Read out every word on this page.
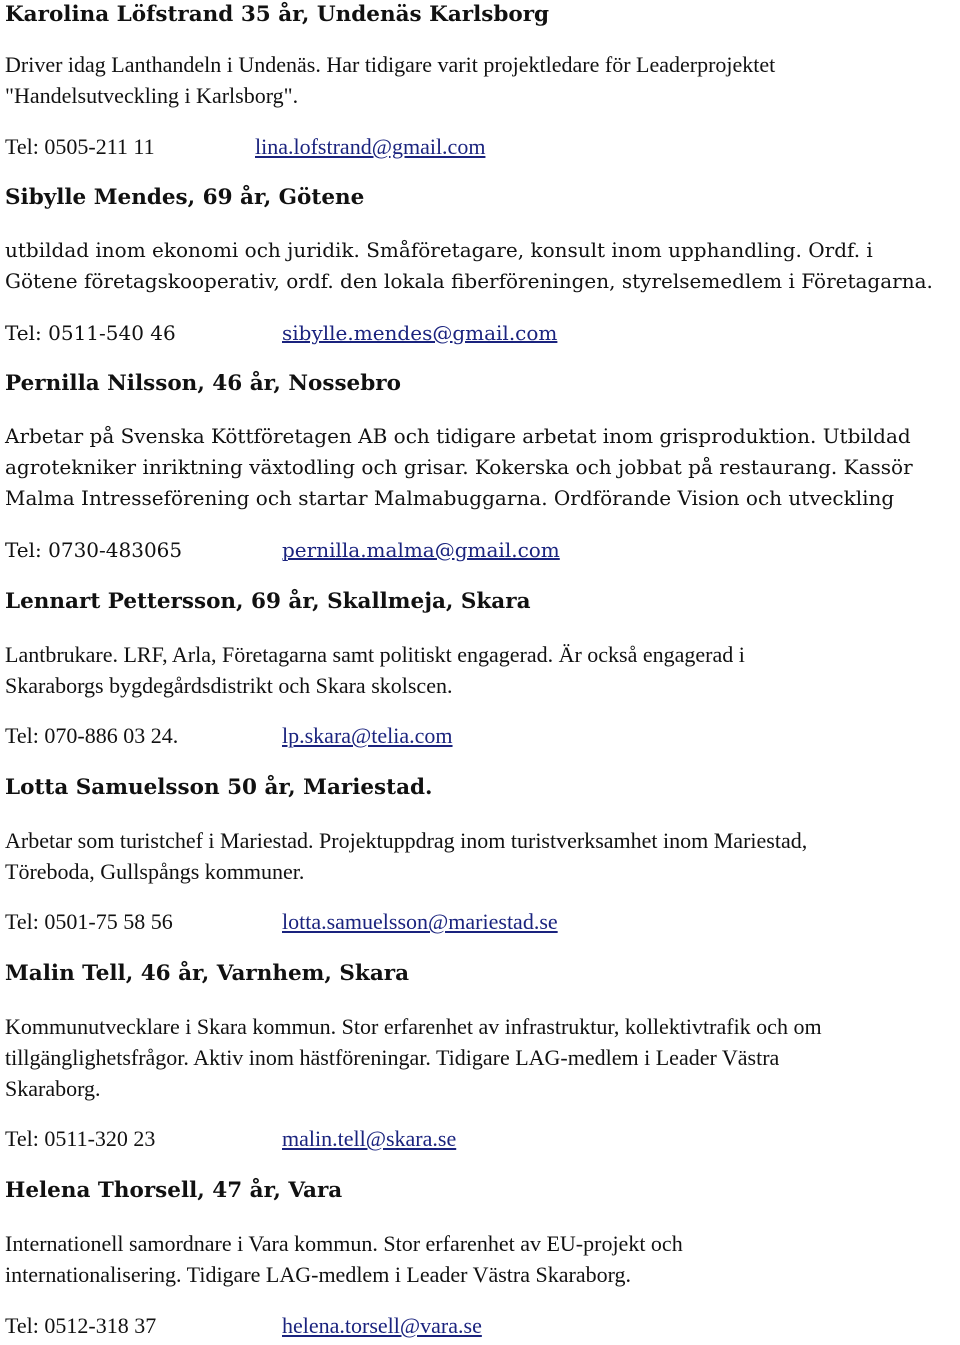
Karolina Löfstrand 35 år, Undenäs Karlsborg
Driver idag Lanthandeln i Undenäs. Har tidigare varit projektledare för Leaderprojektet
"Handelsutveckling i Karlsborg".
Tel: 0505-211 11	lina.lofstrand@gmail.com
Sibylle Mendes, 69 år, Götene
utbildad inom ekonomi och juridik. Småföretagare, konsult inom upphandling. Ordf. i
Götene företagskooperativ, ordf. den lokala fiberföreningen, styrelsemedlem i Företagarna.
Tel: 0511-540 46	sibylle.mendes@gmail.com
Pernilla Nilsson, 46 år, Nossebro
Arbetar på Svenska Köttföretagen AB och tidigare arbetat inom grisproduktion. Utbildad
agrotekniker inriktning växtodling och grisar. Kokerska och jobbat på restaurang. Kassör
Malma Intresseförening och startar Malmabuggarna. Ordförande Vision och utveckling
Tel: 0730-483065	pernilla.malma@gmail.com
Lennart Pettersson, 69 år, Skallmeja, Skara
Lantbrukare. LRF, Arla, Företagarna samt politiskt engagerad. Är också engagerad i
Skaraborgs bygdegårdsdistrikt och Skara skolscen.
Tel: 070-886 03 24.	lp.skara@telia.com
Lotta Samuelsson 50 år, Mariestad.
Arbetar som turistchef i Mariestad. Projektuppdrag inom turistverksamhet inom Mariestad,
Töreboda, Gullspångs kommuner.
Tel: 0501-75 58 56	lotta.samuelsson@mariestad.se
Malin Tell, 46 år, Varnhem, Skara
Kommunutvecklare i Skara kommun. Stor erfarenhet av infrastruktur, kollektivtrafik och om
tillgänglighetsfrågor. Aktiv inom hästföreningar. Tidigare LAG-medlem i Leader Västra
Skaraborg.
Tel: 0511-320 23	malin.tell@skara.se
Helena Thorsell, 47 år, Vara
Internationell samordnare i Vara kommun. Stor erfarenhet av EU-projekt och
internationalisering. Tidigare LAG-medlem i Leader Västra Skaraborg.
Tel: 0512-318 37	helena.torsell@vara.se
